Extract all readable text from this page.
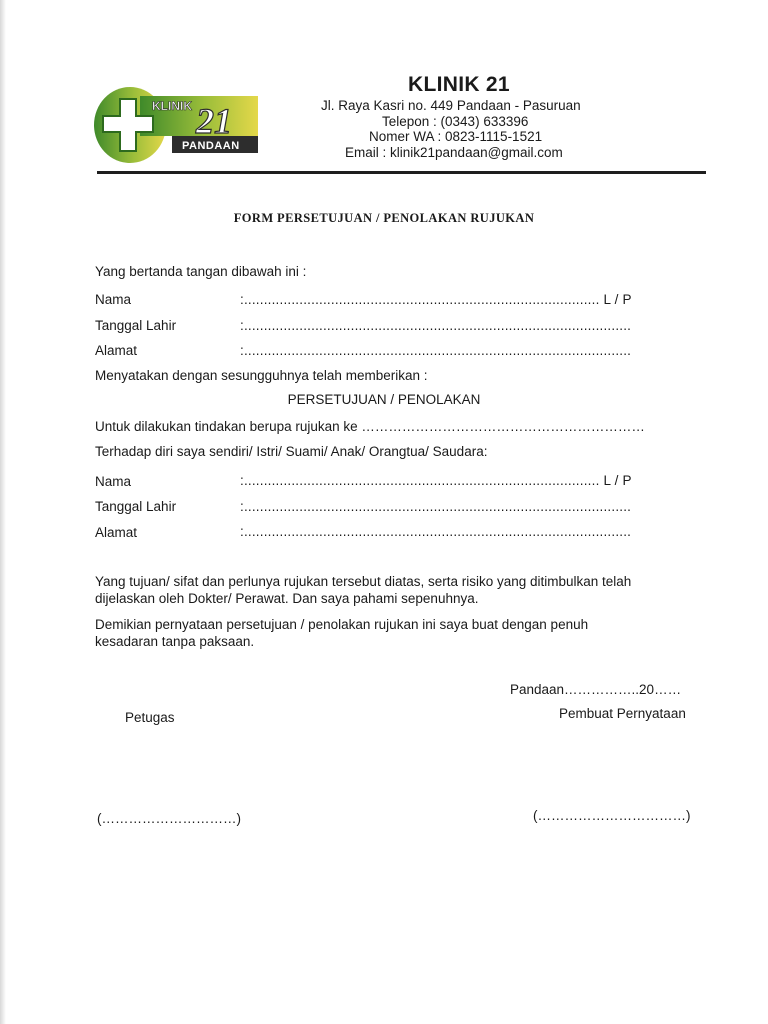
KLINIK 21
PANDAAN
KLINIK 21
Jl. Raya Kasri no. 449 Pandaan - Pasuruan
Telepon : (0343) 633396
Nomer WA : 0823-1115-1521
Email : klinik21pandaan@gmail.com
FORM PERSETUJUAN / PENOLAKAN RUJUKAN
Yang bertanda tangan dibawah ini :
Nama	:.......................................................................................... L / P
Tanggal Lahir	:..................................................................................................
Alamat	:..................................................................................................
Menyatakan dengan sesungguhnya telah memberikan :
PERSETUJUAN / PENOLAKAN
Untuk dilakukan tindakan berupa rujukan ke ………………………………………………………
Terhadap diri saya sendiri/ Istri/ Suami/ Anak/ Orangtua/ Saudara:
Nama	:.......................................................................................... L / P
Tanggal Lahir	:..................................................................................................
Alamat	:..................................................................................................
Yang tujuan/ sifat dan perlunya rujukan tersebut diatas, serta risiko yang ditimbulkan telah
dijelaskan oleh Dokter/ Perawat. Dan saya pahami sepenuhnya.
Demikian pernyataan persetujuan / penolakan rujukan ini saya buat dengan penuh
kesadaran tanpa paksaan.
Pandaan……………..20……
Petugas	Pembuat Pernyataan
(…………………………)	(……………………………)
